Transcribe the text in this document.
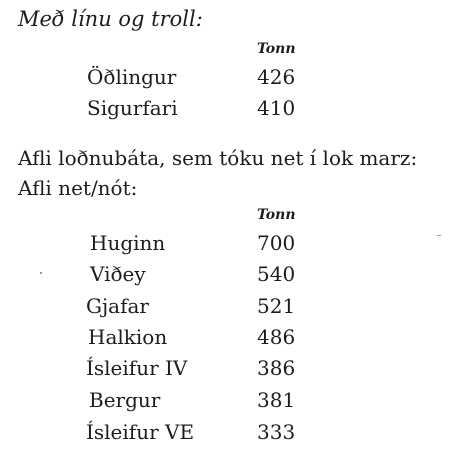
Með línu og troll:
Tonn
Öðlingur	426
Sigurfari	410
Afli loðnubáta, sem tóku net í lok marz:
Afli net/nót:
Tonn
Huginn	700
Viðey	540
Gjafar	521
Halkion	486
Ísleifur IV	386
Bergur	381
Ísleifur VE	333
